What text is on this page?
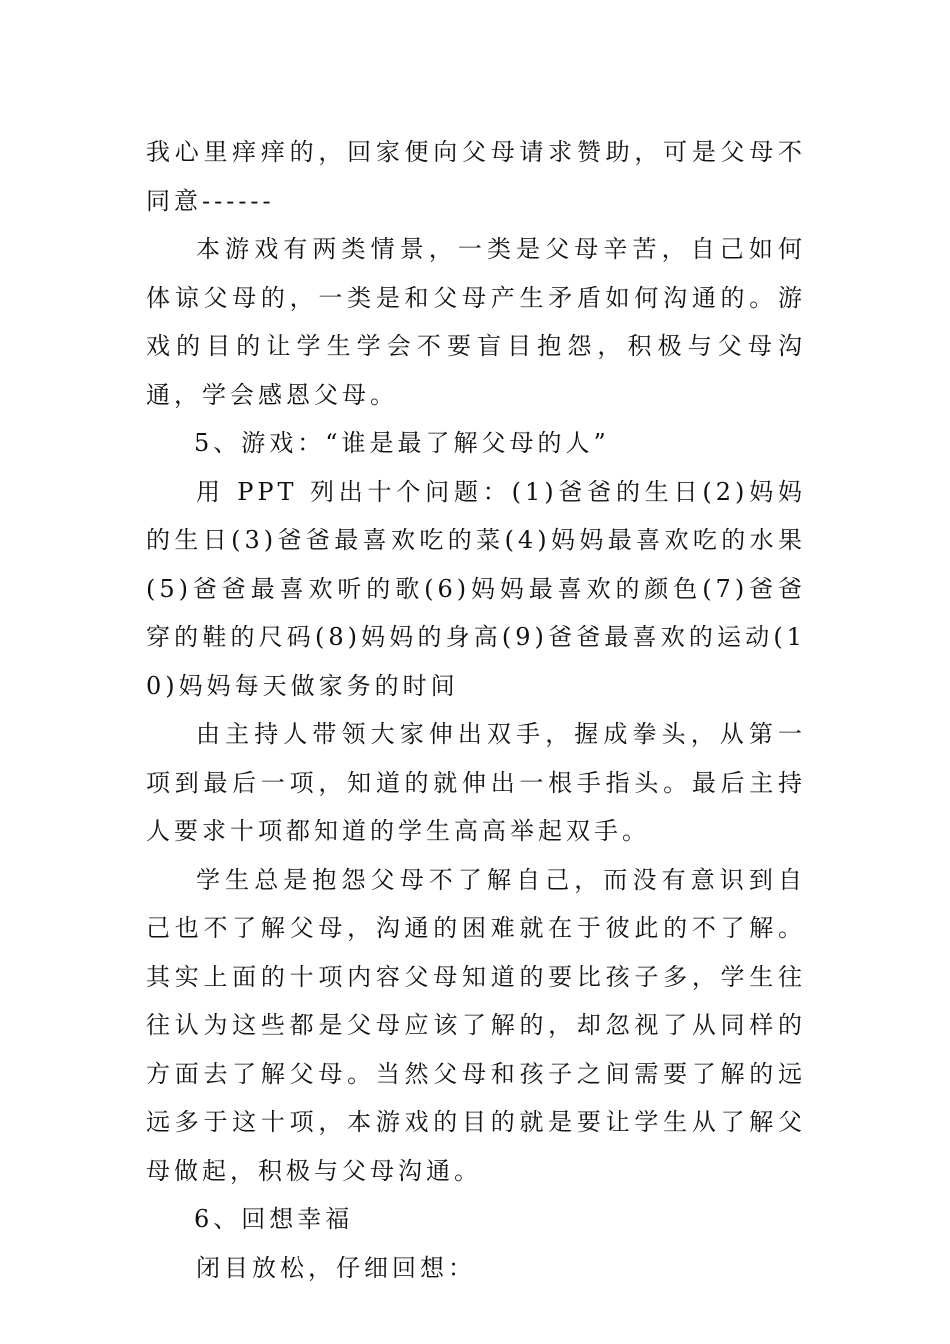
我心里痒痒的，回家便向父母请求赞助，可是父母不同意------

本游戏有两类情景，一类是父母辛苦，自己如何体谅父母的，一类是和父母产生矛盾如何沟通的。游戏的目的让学生学会不要盲目抱怨，积极与父母沟通，学会感恩父母。

5、游戏：“谁是最了解父母的人”

用 PPT 列出十个问题：(1)爸爸的生日(2)妈妈的生日(3)爸爸最喜欢吃的菜(4)妈妈最喜欢吃的水果(5)爸爸最喜欢听的歌(6)妈妈最喜欢的颜色(7)爸爸穿的鞋的尺码(8)妈妈的身高(9)爸爸最喜欢的运动(10)妈妈每天做家务的时间

由主持人带领大家伸出双手，握成拳头，从第一项到最后一项，知道的就伸出一根手指头。最后主持人要求十项都知道的学生高高举起双手。

学生总是抱怨父母不了解自己，而没有意识到自己也不了解父母，沟通的困难就在于彼此的不了解。其实上面的十项内容父母知道的要比孩子多，学生往往认为这些都是父母应该了解的，却忽视了从同样的方面去了解父母。当然父母和孩子之间需要了解的远远多于这十项，本游戏的目的就是要让学生从了解父母做起，积极与父母沟通。

6、回想幸福

闭目放松，仔细回想：
